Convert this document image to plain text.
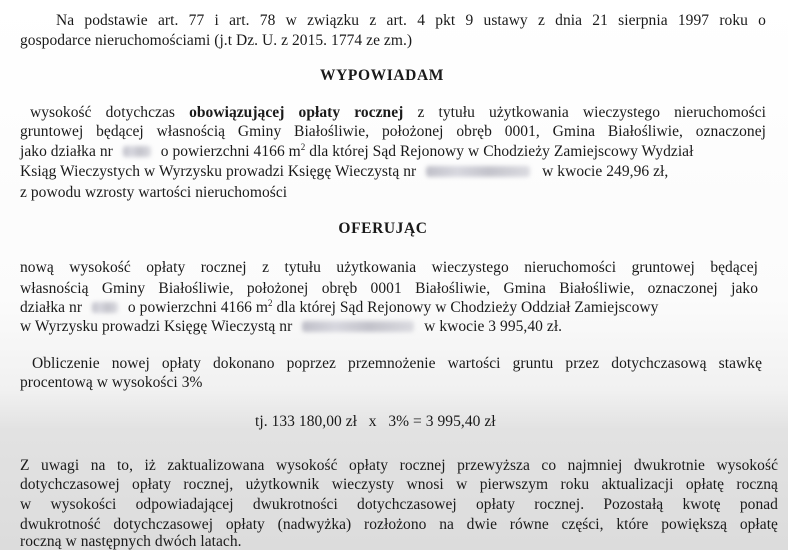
Na podstawie art. 77 i art. 78 w związku z art. 4 pkt 9 ustawy z dnia 21 sierpnia 1997 roku o
gospodarce nieruchomościami (j.t Dz. U. z 2015. 1774 ze zm.)
WYPOWIADAM
wysokość dotychczas obowiązującej opłaty rocznej z tytułu użytkowania wieczystego nieruchomości
gruntowej będącej własnością Gminy Białośliwie, położonej obręb 0001, Gmina Białośliwie, oznaczonej
jako działka nr	o powierzchni 4166 $m^2$ dla której Sąd Rejonowy w Chodzieży Zamiejscowy Wydział
Ksiąg Wieczystych w Wyrzysku prowadzi Księgę Wieczystą nr	w kwocie 249,96 zł,
z powodu wzrosty wartości nieruchomości
OFERUJĄC
nową wysokość opłaty rocznej z tytułu użytkowania wieczystego nieruchomości gruntowej będącej
własnością Gminy Białośliwie, położonej obręb 0001 Białośliwie, Gmina Białośliwie, oznaczonej jako
działka nr	o powierzchni 4166 $m^2$ dla której Sąd Rejonowy w Chodzieży Oddział Zamiejscowy
w Wyrzysku prowadzi Księgę Wieczystą nr	w kwocie 3 995,40 zł.
Obliczenie nowej opłaty dokonano poprzez przemnożenie wartości gruntu przez dotychczasową stawkę
procentową w wysokości 3%
tj. 133 180,00 zł   x   3% = 3 995,40 zł
Z uwagi na to, iż zaktualizowana wysokość opłaty rocznej przewyższa co najmniej dwukrotnie wysokość
dotychczasowej opłaty rocznej, użytkownik wieczysty wnosi w pierwszym roku aktualizacji opłatę roczną
w wysokości odpowiadającej dwukrotności dotychczasowej opłaty rocznej. Pozostałą kwotę ponad
dwukrotność dotychczasowej opłaty (nadwyżka) rozłożono na dwie równe części, które powiększą opłatę
roczną w następnych dwóch latach.
